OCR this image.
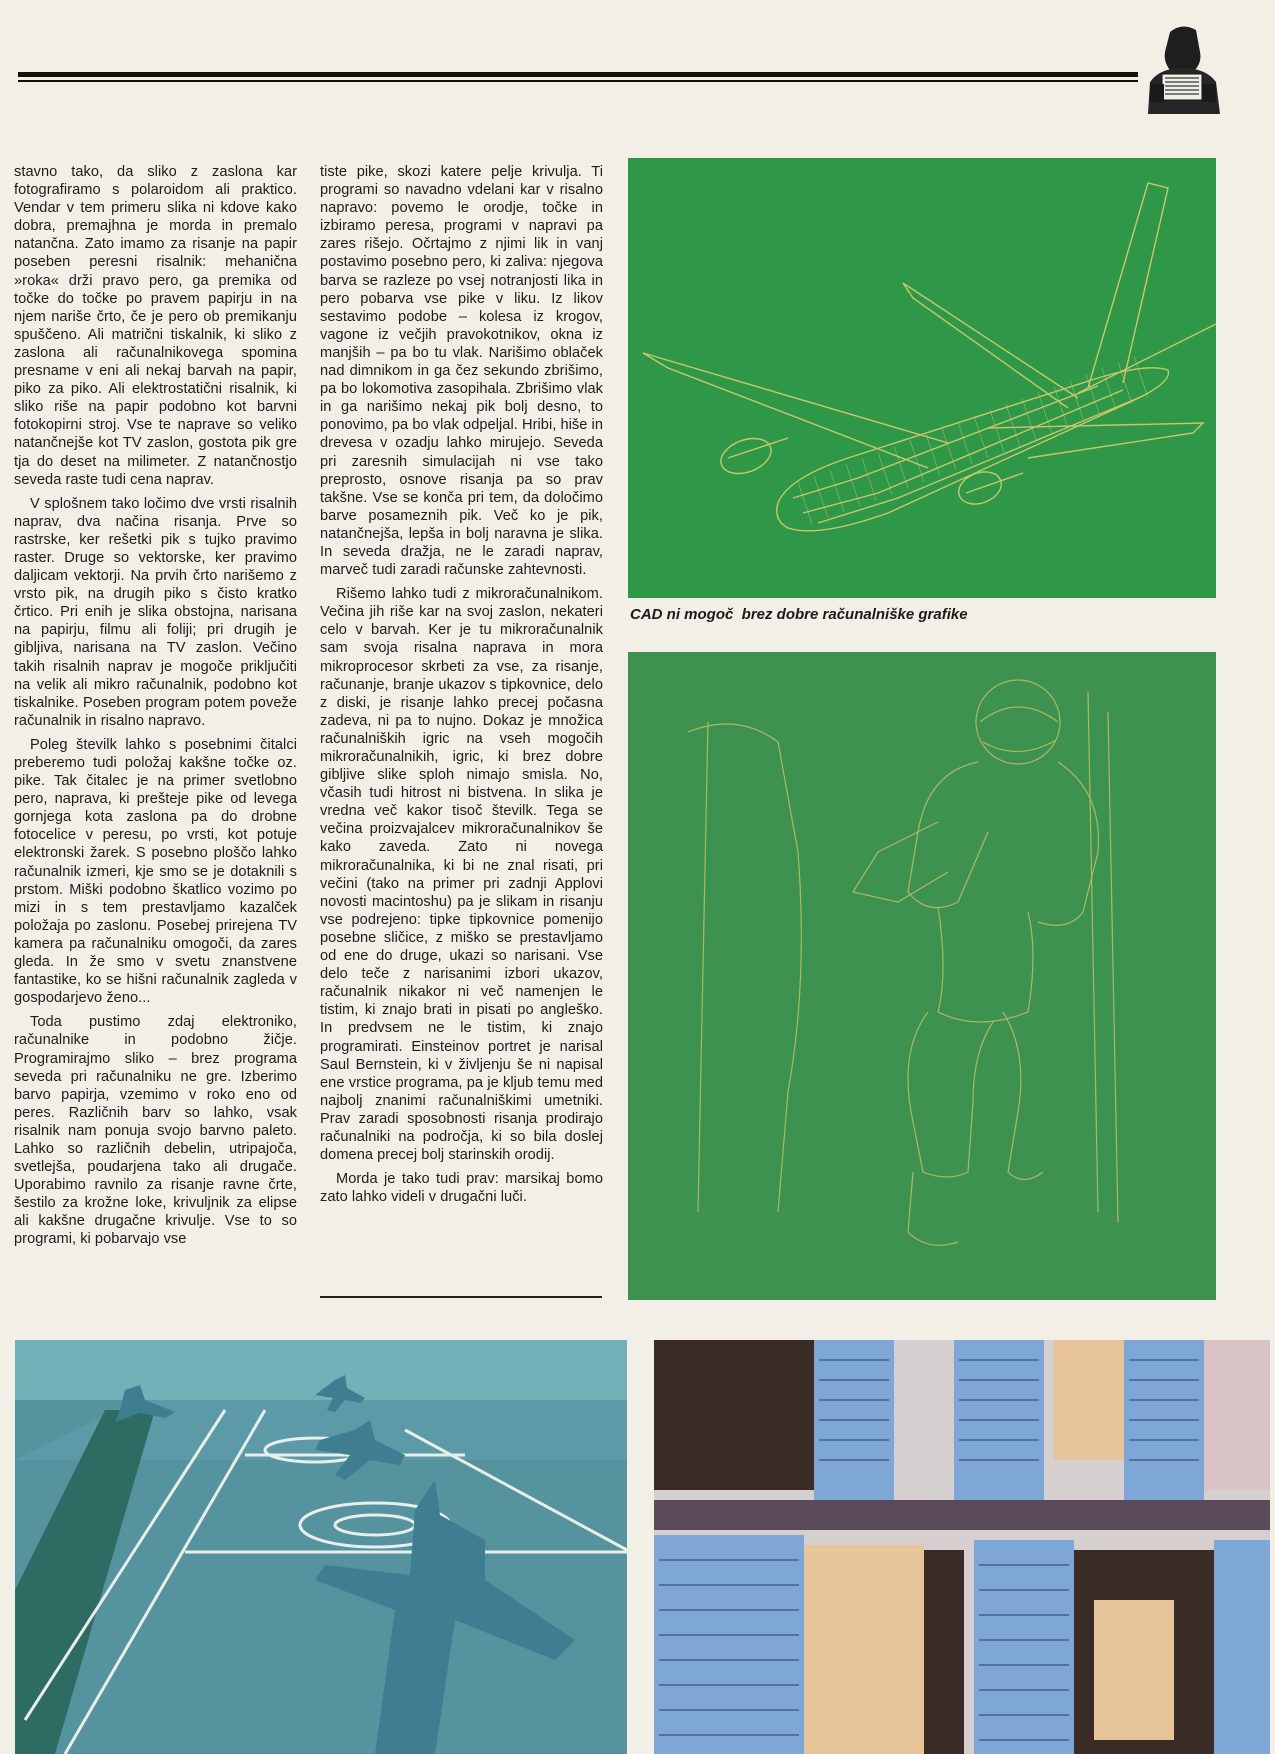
stavno tako, da sliko z zaslona kar fotografiramo s polaroidom ali praktico. Vendar v tem primeru slika ni kdove kako dobra, premajhna je morda in premalo natančna. Zato imamo za risanje na papir poseben peresni risalnik: mehanična »roka« drži pravo pero, ga premika od točke do točke po pravem papirju in na njem nariše črto, če je pero ob premikanju spuščeno. Ali matrični tiskalnik, ki sliko z zaslona ali računalnikovega spomina presname v eni ali nekaj barvah na papir, piko za piko. Ali elektrostatični risalnik, ki sliko riše na papir podobno kot barvni fotokopirni stroj. Vse te naprave so veliko natančnejše kot TV zaslon, gostota pik gre tja do deset na milimeter. Z natančnostjo seveda raste tudi cena naprav.

V splošnem tako ločimo dve vrsti risalnih naprav, dva načina risanja. Prve so rastrske, ker rešetki pik s tujko pravimo raster. Druge so vektorske, ker pravimo daljicam vektorji. Na prvih črto narišemo z vrsto pik, na drugih piko s čisto kratko črtico. Pri enih je slika obstojna, narisana na papirju, filmu ali foliji; pri drugih je gibljiva, narisana na TV zaslon. Večino takih risalnih naprav je mogoče priključiti na velik ali mikro računalnik, podobno kot tiskalnike. Poseben program potem poveže računalnik in risalno napravo.

Poleg številk lahko s posebnimi čitalci preberemo tudi položaj kakšne točke oz. pike. Tak čitalec je na primer svetlobno pero, naprava, ki prešteje pike od levega gornjega kota zaslona pa do drobne fotocelice v peresu, po vrsti, kot potuje elektronski žarek. S posebno ploščo lahko računalnik izmeri, kje smo se je dotaknili s prstom. Miški podobno škatlico vozimo po mizi in s tem prestavljamo kazalček položaja po zaslonu. Posebej prirejena TV kamera pa računalniku omogoči, da zares gleda. In že smo v svetu znanstvene fantastike, ko se hišni računalnik zagleda v gospodarjevo ženo...

Toda pustimo zdaj elektroniko, računalnike in podobno žičje. Programirajmo sliko – brez programa seveda pri računalniku ne gre. Izberimo barvo papirja, vzemimo v roko eno od peres. Različnih barv so lahko, vsak risalnik nam ponuja svojo barvno paleto. Lahko so različnih debelin, utripajoča, svetlejša, poudarjena tako ali drugače. Uporabimo ravnilo za risanje ravne črte, šestilo za krožne loke, krivuljnik za elipse ali kakšne drugačne krivulje. Vse to so programi, ki pobarvajo vse

tiste pike, skozi katere pelje krivulja. Ti programi so navadno vdelani kar v risalno napravo: povemo le orodje, točke in izbiramo peresa, programi v napravi pa zares rišejo. Očrtajmo z njimi lik in vanj postavimo posebno pero, ki zaliva: njegova barva se razleze po vsej notranjosti lika in pero pobarva vse pike v liku. Iz likov sestavimo podobe – kolesa iz krogov, vagone iz večjih pravokotnikov, okna iz manjših – pa bo tu vlak. Narišimo oblaček nad dimnikom in ga čez sekundo zbrišimo, pa bo lokomotiva zasopihala. Zbrišimo vlak in ga narišimo nekaj pik bolj desno, to ponovimo, pa bo vlak odpeljal. Hribi, hiše in drevesa v ozadju lahko mirujejo. Seveda pri zaresnih simulacijah ni vse tako preprosto, osnove risanja pa so prav takšne. Vse se konča pri tem, da določimo barve posameznih pik. Več ko je pik, natančnejša, lepša in bolj naravna je slika. In seveda dražja, ne le zaradi naprav, marveč tudi zaradi računske zahtevnosti.

Rišemo lahko tudi z mikroračunalnikom. Večina jih riše kar na svoj zaslon, nekateri celo v barvah. Ker je tu mikroračunalnik sam svoja risalna naprava in mora mikroprocesor skrbeti za vse, za risanje, računanje, branje ukazov s tipkovnice, delo z diski, je risanje lahko precej počasna zadeva, ni pa to nujno. Dokaz je množica računalniških igric na vseh mogočih mikroračunalnikih, igric, ki brez dobre gibljive slike sploh nimajo smisla. No, včasih tudi hitrost ni bistvena. In slika je vredna več kakor tisoč številk. Tega se večina proizvajalcev mikroračunalnikov še kako zaveda. Zato ni novega mikroračunalnika, ki bi ne znal risati, pri večini (tako na primer pri zadnji Applovi novosti macintoshu) pa je slikam in risanju vse podrejeno: tipke tipkovnice pomenijo posebne sličice, z miško se prestavljamo od ene do druge, ukazi so narisani. Vse delo teče z narisanimi izbori ukazov, računalnik nikakor ni več namenjen le tistim, ki znajo brati in pisati po angleško. In predvsem ne le tistim, ki znajo programirati. Einsteinov portret je narisal Saul Bernstein, ki v življenju še ni napisal ene vrstice programa, pa je kljub temu med najbolj znanimi računalniškimi umetniki. Prav zaradi sposobnosti risanja prodirajo računalniki na področja, ki so bila doslej domena precej bolj starinskih orodij.

Morda je tako tudi prav: marsikaj bomo zato lahko videli v drugačni luči.

CAD ni mogoč  brez dobre računalniške grafike
